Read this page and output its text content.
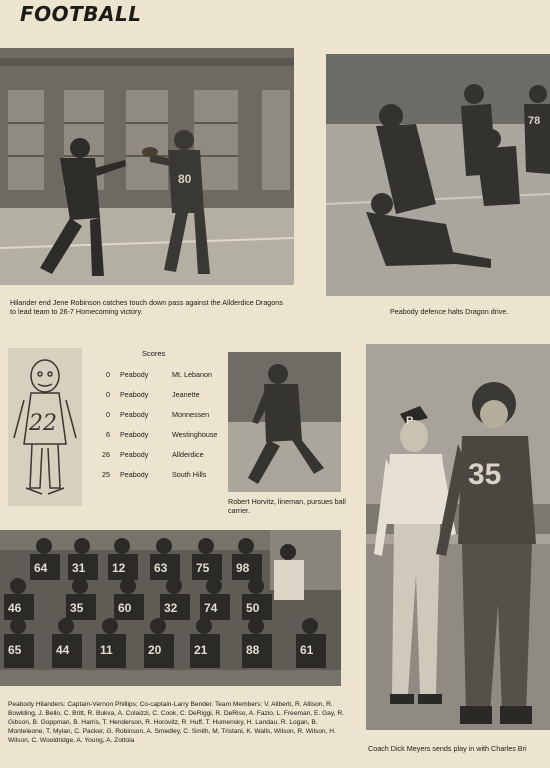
FOOTBALL
80
Hilander end Jene Robinson catches touch down pass against the Allderdice Dragons to lead team to 26-7 Homecoming victory.
78
Peabody defence halts Dragon drive.
22
Scores
0	Peabody	Mt. Lebanon	
0	Peabody	Jeanette	
0	Peabody	Monnessen	
6	Peabody	Westinghouse	
26	Peabody	Allderdice	
25	Peabody	South Hills	
Robert Horvitz, lineman, pursues ball carrier.
P
35
Coach Dick Meyers sends play in with Charles Bri
64 31 12 63 75 98
46	35	60	32 74 50
65	44	11	20	21	88	61
Peabody Hilanders: Captain-Vernon Phillips; Co-captain-Larry Bender. Team Members: V. Aliberti, R. Allison, R. Bowlding, J. Bello, C. Britt, R. Bukva, A. Colaizzi, C. Cook, C. DeRiggi, R. DeRiso, A. Fazio, L. Freeman, E. Gay, R. Gibson, B. Goppman, B. Harris, T. Henderson, R. Horovitz, R. Huff, T. Humensky, H. Landau, R. Logan, B. Monteleone, T. Mylan, C. Packer, G. Robinson, A. Smedley, C. Smith, M. Tristani, K. Walls, Wilson, R. Wilson, H. Wilson, C. Wooldridge, A. Young, A. Zottola
